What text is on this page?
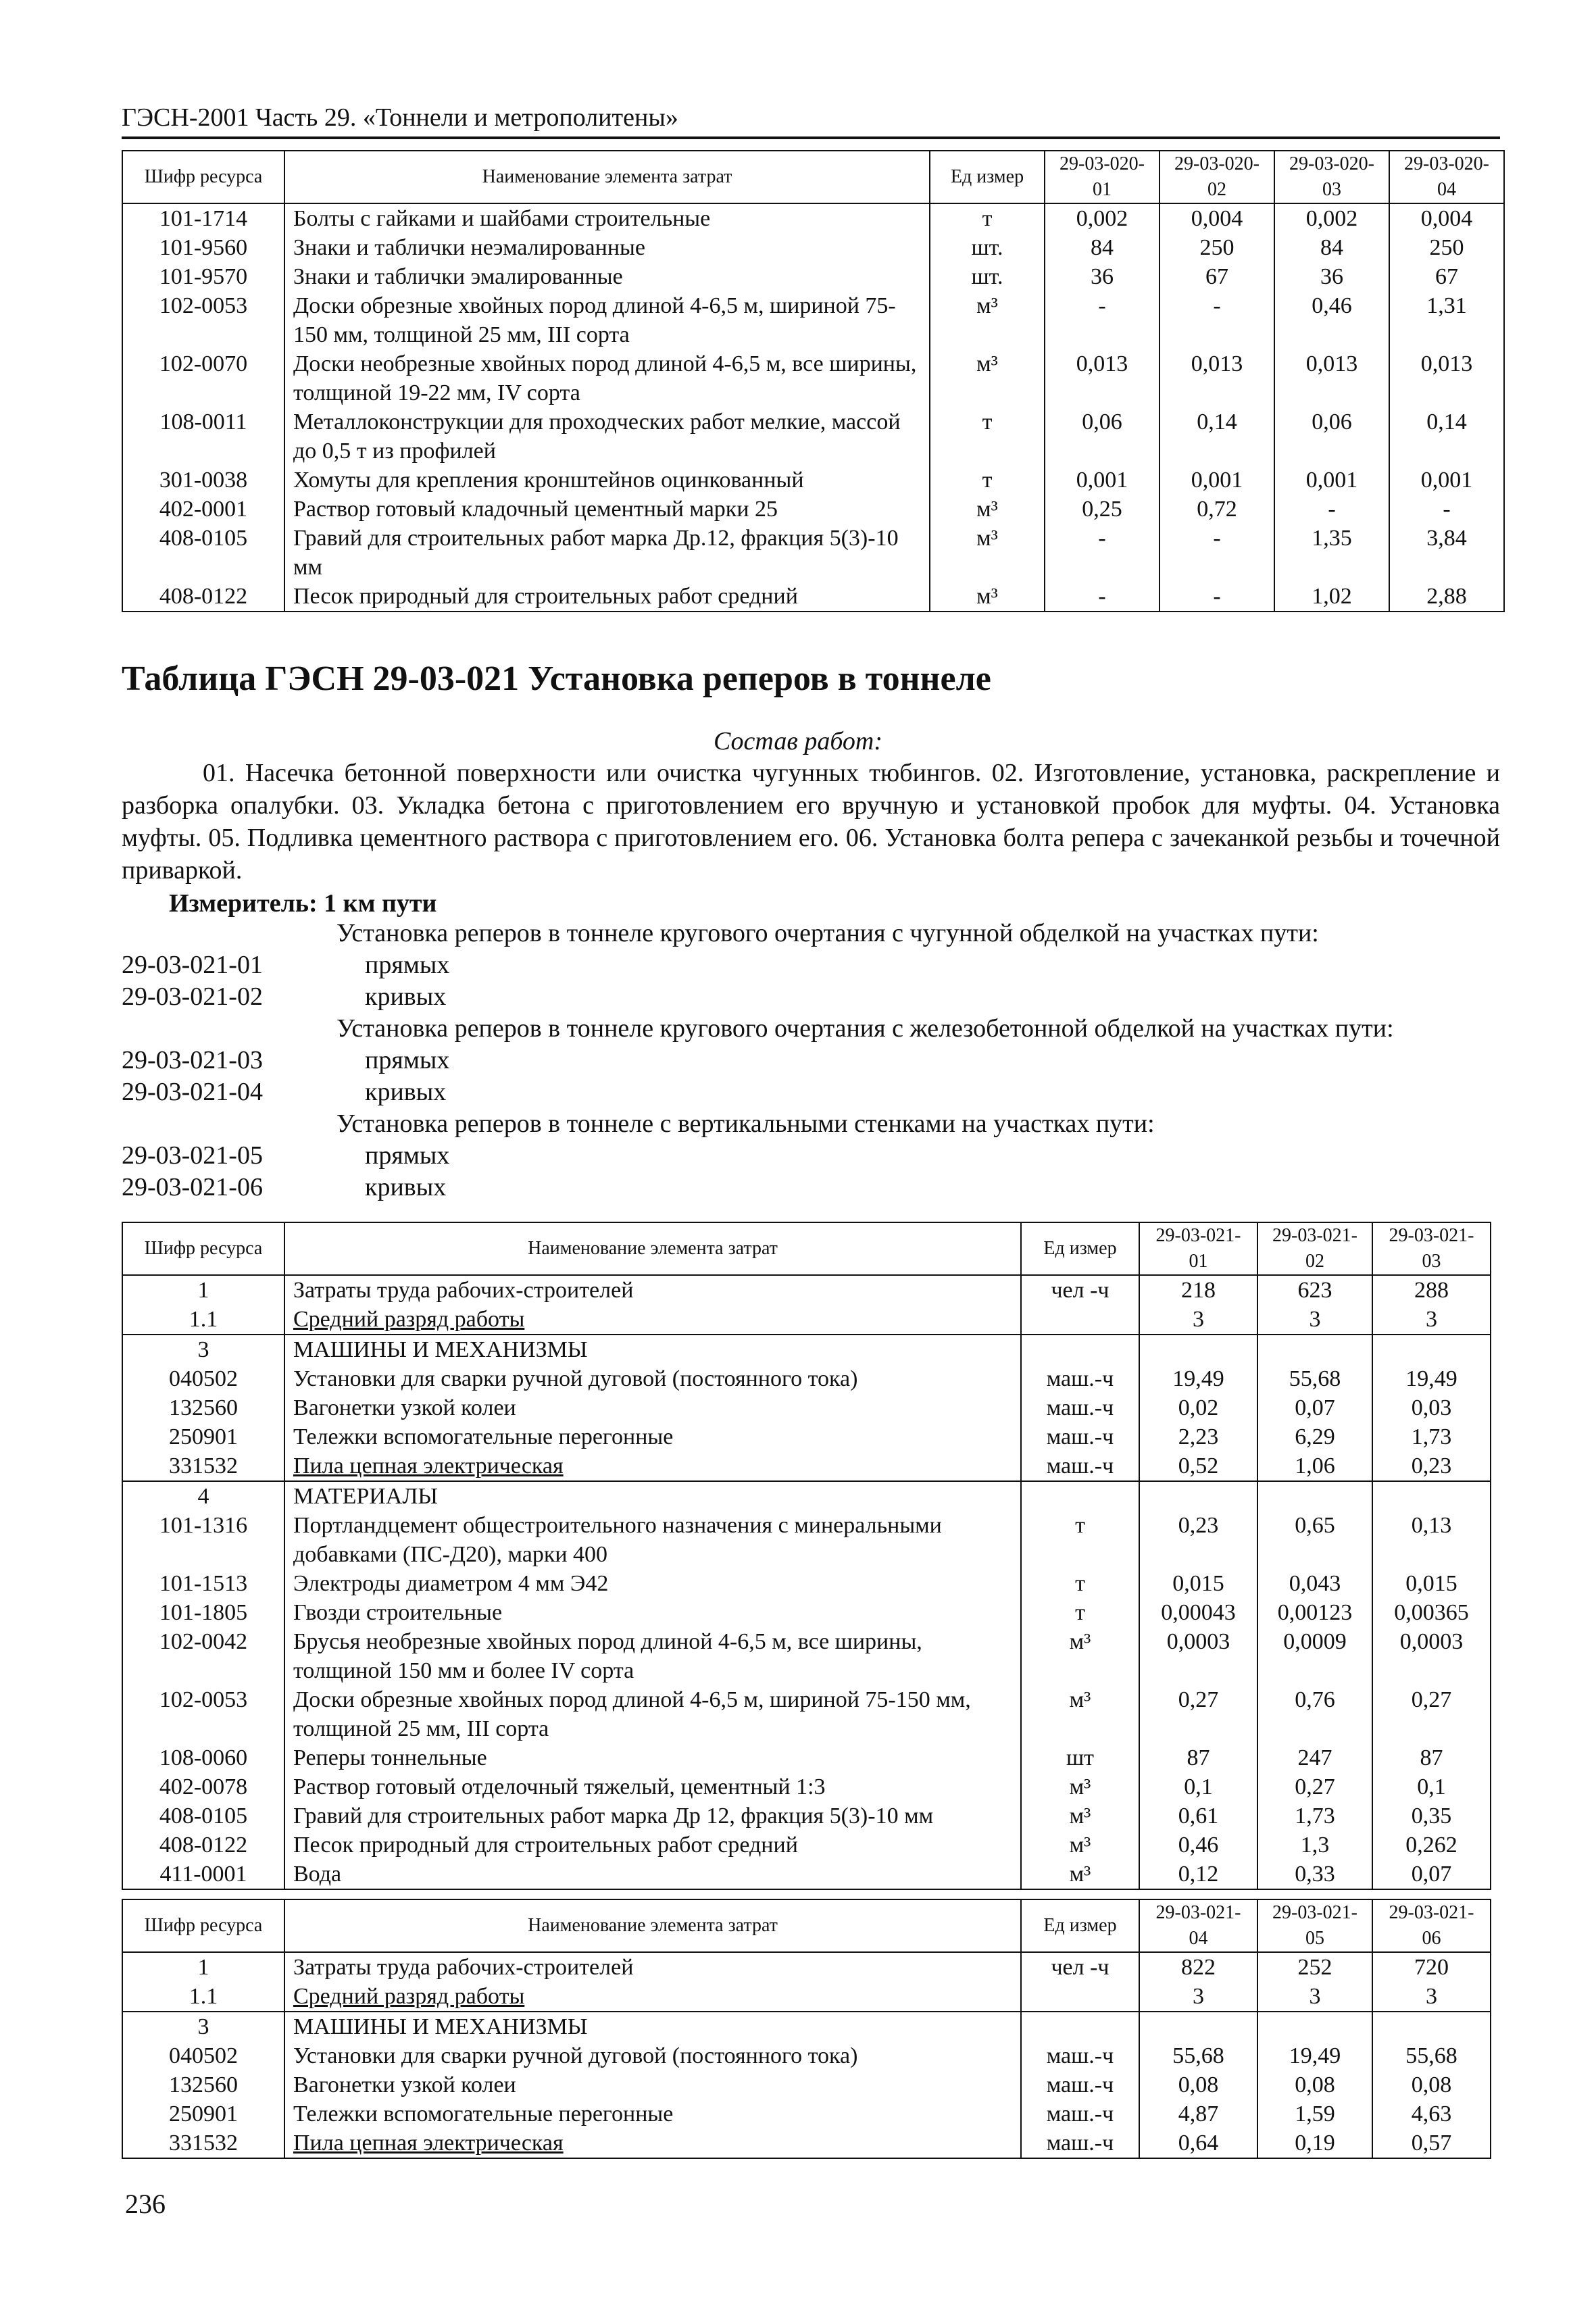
ГЭСН-2001 Часть 29. «Тоннели и метрополитены»
Шифр ресурса	Наименование элемента затрат	Ед измер	29-03-020-01	29-03-020-02	29-03-020-03	29-03-020-04
101-1714	Болты с гайками и шайбами строительные	т	0,002	0,004	0,002	0,004
101-9560	Знаки и таблички неэмалированные	шт.	84	250	84	250
101-9570	Знаки и таблички эмалированные	шт.	36	67	36	67
102-0053	Доски обрезные хвойных пород длиной 4-6,5 м, шириной 75-150 мм, толщиной 25 мм, III сорта	м³	-	-	0,46	1,31
102-0070	Доски необрезные хвойных пород длиной 4-6,5 м, все ширины, толщиной 19-22 мм, IV сорта	м³	0,013	0,013	0,013	0,013
108-0011	Металлоконструкции для проходческих работ мелкие, массой до 0,5 т из профилей	т	0,06	0,14	0,06	0,14
301-0038	Хомуты для крепления кронштейнов оцинкованный	т	0,001	0,001	0,001	0,001
402-0001	Раствор готовый кладочный цементный марки 25	м³	0,25	0,72	-	-
408-0105	Гравий для строительных работ марка Др.12, фракция 5(3)-10 мм	м³	-	-	1,35	3,84
408-0122	Песок природный для строительных работ средний	м³	-	-	1,02	2,88
Таблица ГЭСН 29-03-021 Установка реперов в тоннеле
Состав работ:
01. Насечка бетонной поверхности или очистка чугунных тюбингов. 02. Изготовление, установка, раскрепление и разборка опалубки. 03. Укладка бетона с приготовлением его вручную и установкой пробок для муфты. 04. Установка муфты. 05. Подливка цементного раствора с приготовлением его. 06. Установка болта репера с зачеканкой резьбы и точечной приваркой.
Измеритель: 1 км пути
Установка реперов в тоннеле кругового очертания с чугунной обделкой на участках пути:
29-03-021-01	прямых
29-03-021-02	кривых
Установка реперов в тоннеле кругового очертания с железобетонной обделкой на участках пути:
29-03-021-03	прямых
29-03-021-04	кривых
Установка реперов в тоннеле с вертикальными стенками на участках пути:
29-03-021-05	прямых
29-03-021-06	кривых
Шифр ресурса	Наименование элемента затрат	Ед измер	29-03-021-01	29-03-021-02	29-03-021-03
1	Затраты труда рабочих-строителей	чел -ч	218	623	288
1.1	Средний разряд работы		3	3	3
3	МАШИНЫ И МЕХАНИЗМЫ				
040502	Установки для сварки ручной дуговой (постоянного тока)	маш.-ч	19,49	55,68	19,49
132560	Вагонетки узкой колеи	маш.-ч	0,02	0,07	0,03
250901	Тележки вспомогательные перегонные	маш.-ч	2,23	6,29	1,73
331532	Пила цепная электрическая	маш.-ч	0,52	1,06	0,23
4	МАТЕРИАЛЫ				
101-1316	Портландцемент общестроительного назначения с минеральными добавками (ПС-Д20), марки 400	т	0,23	0,65	0,13
101-1513	Электроды диаметром 4 мм Э42	т	0,015	0,043	0,015
101-1805	Гвозди строительные	т	0,00043	0,00123	0,00365
102-0042	Брусья необрезные хвойных пород длиной 4-6,5 м, все ширины, толщиной 150 мм и более IV сорта	м³	0,0003	0,0009	0,0003
102-0053	Доски обрезные хвойных пород длиной 4-6,5 м, шириной 75-150 мм, толщиной 25 мм, III сорта	м³	0,27	0,76	0,27
108-0060	Реперы тоннельные	шт	87	247	87
402-0078	Раствор готовый отделочный тяжелый, цементный 1:3	м³	0,1	0,27	0,1
408-0105	Гравий для строительных работ марка Др 12, фракция 5(3)-10 мм	м³	0,61	1,73	0,35
408-0122	Песок природный для строительных работ средний	м³	0,46	1,3	0,262
411-0001	Вода	м³	0,12	0,33	0,07
Шифр ресурса	Наименование элемента затрат	Ед измер	29-03-021-04	29-03-021-05	29-03-021-06
1	Затраты труда рабочих-строителей	чел -ч	822	252	720
1.1	Средний разряд работы		3	3	3
3	МАШИНЫ И МЕХАНИЗМЫ				
040502	Установки для сварки ручной дуговой (постоянного тока)	маш.-ч	55,68	19,49	55,68
132560	Вагонетки узкой колеи	маш.-ч	0,08	0,08	0,08
250901	Тележки вспомогательные перегонные	маш.-ч	4,87	1,59	4,63
331532	Пила цепная электрическая	маш.-ч	0,64	0,19	0,57
236
